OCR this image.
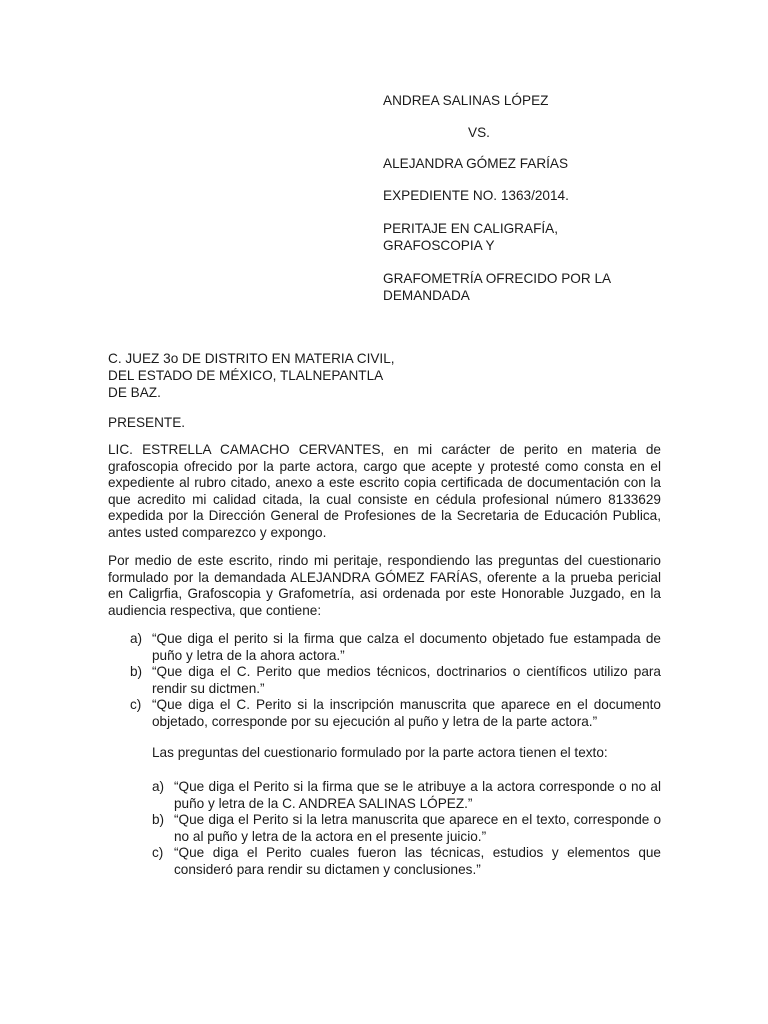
ANDREA SALINAS LÓPEZ
VS.
ALEJANDRA GÓMEZ FARÍAS
EXPEDIENTE NO. 1363/2014.
PERITAJE EN CALIGRAFÍA,
GRAFOSCOPIA Y
GRAFOMETRÍA OFRECIDO POR LA
DEMANDADA
C. JUEZ 3o DE DISTRITO EN MATERIA CIVIL,
DEL ESTADO DE MÉXICO, TLALNEPANTLA
DE BAZ.
PRESENTE.
LIC. ESTRELLA CAMACHO CERVANTES, en mi carácter de perito en materia de grafoscopia ofrecido por la parte actora, cargo que acepte y protesté como consta en el expediente al rubro citado, anexo a este escrito copia certificada de documentación con la que acredito mi calidad citada, la cual consiste en cédula profesional número 8133629 expedida por la Dirección General de Profesiones de la Secretaria de Educación Publica, antes usted comparezco y expongo.
Por medio de este escrito, rindo mi peritaje, respondiendo las preguntas del cuestionario formulado por la demandada ALEJANDRA GÓMEZ FARÍAS, oferente a la prueba pericial en Caligrfia, Grafoscopia y Grafometría, asi ordenada por este Honorable Juzgado, en la audiencia respectiva, que contiene:
a) “Que diga el perito si la firma que calza el documento objetado fue estampada de puño y letra de la ahora actora.”
b) “Que diga el C. Perito que medios técnicos, doctrinarios o científicos utilizo para rendir su dictmen.”
c) “Que diga el C. Perito si la inscripción manuscrita que aparece en el documento objetado, corresponde por su ejecución al puño y letra de la parte actora.”
Las preguntas del cuestionario formulado por la parte actora tienen el texto:
a) “Que diga el Perito si la firma que se le atribuye a la actora corresponde o no al puño y letra de la C. ANDREA SALINAS LÓPEZ.”
b) “Que diga el Perito si la letra manuscrita que aparece en el texto, corresponde o no al puño y letra de la actora en el presente juicio.”
c) “Que diga el Perito cuales fueron las técnicas, estudios y elementos que consideró para rendir su dictamen y conclusiones.”
